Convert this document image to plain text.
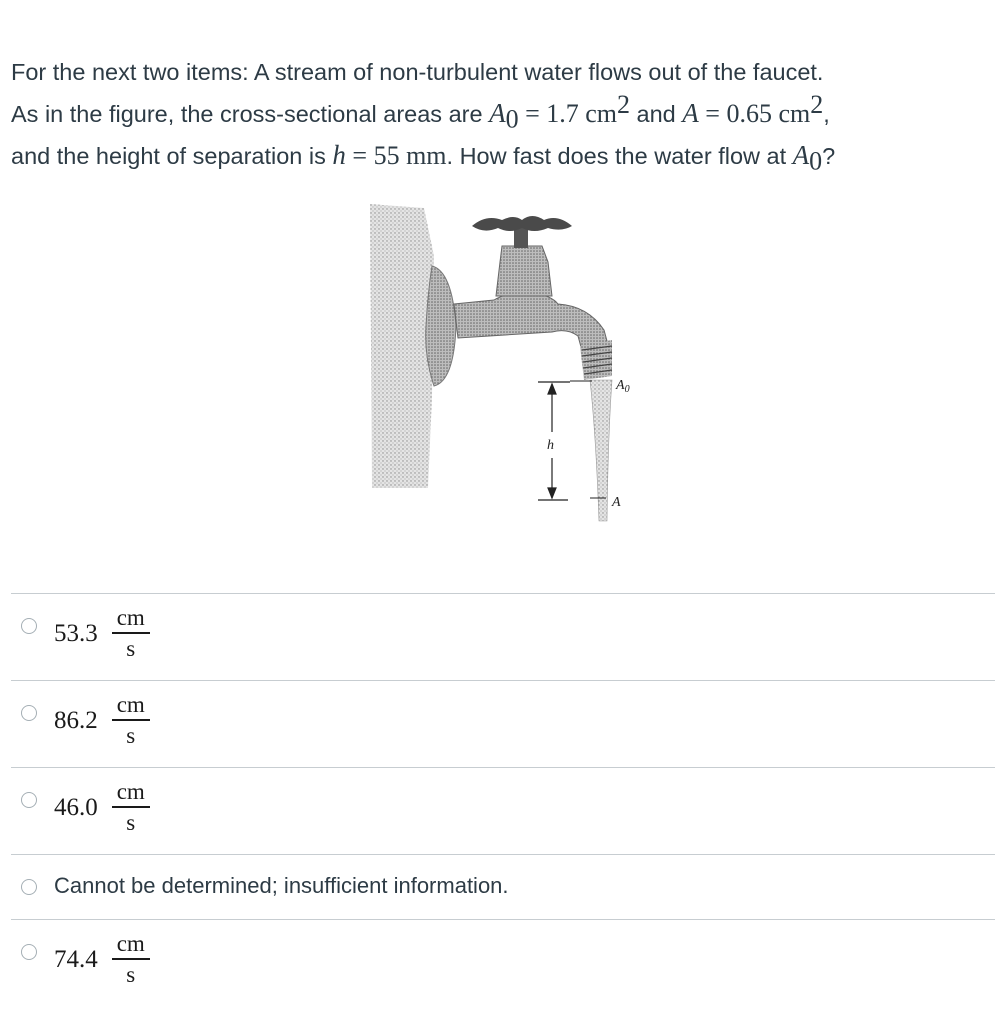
For the next two items: A stream of non-turbulent water flows out of the faucet.
As in the figure, the cross-sectional areas are $A_0 = 1.7$ $cm^2$ and A = 0.65 $cm^2$,
and the height of separation is h = 55 mm. How fast does the water flow at $A_0$?
$A_0$
h
A
$53.3 \frac{cm}{s}$
$86.2 \frac{cm}{s}$
$46.0 \frac{cm}{s}$
Cannot be determined; insufficient information.
$74.4 \frac{cm}{s}$
